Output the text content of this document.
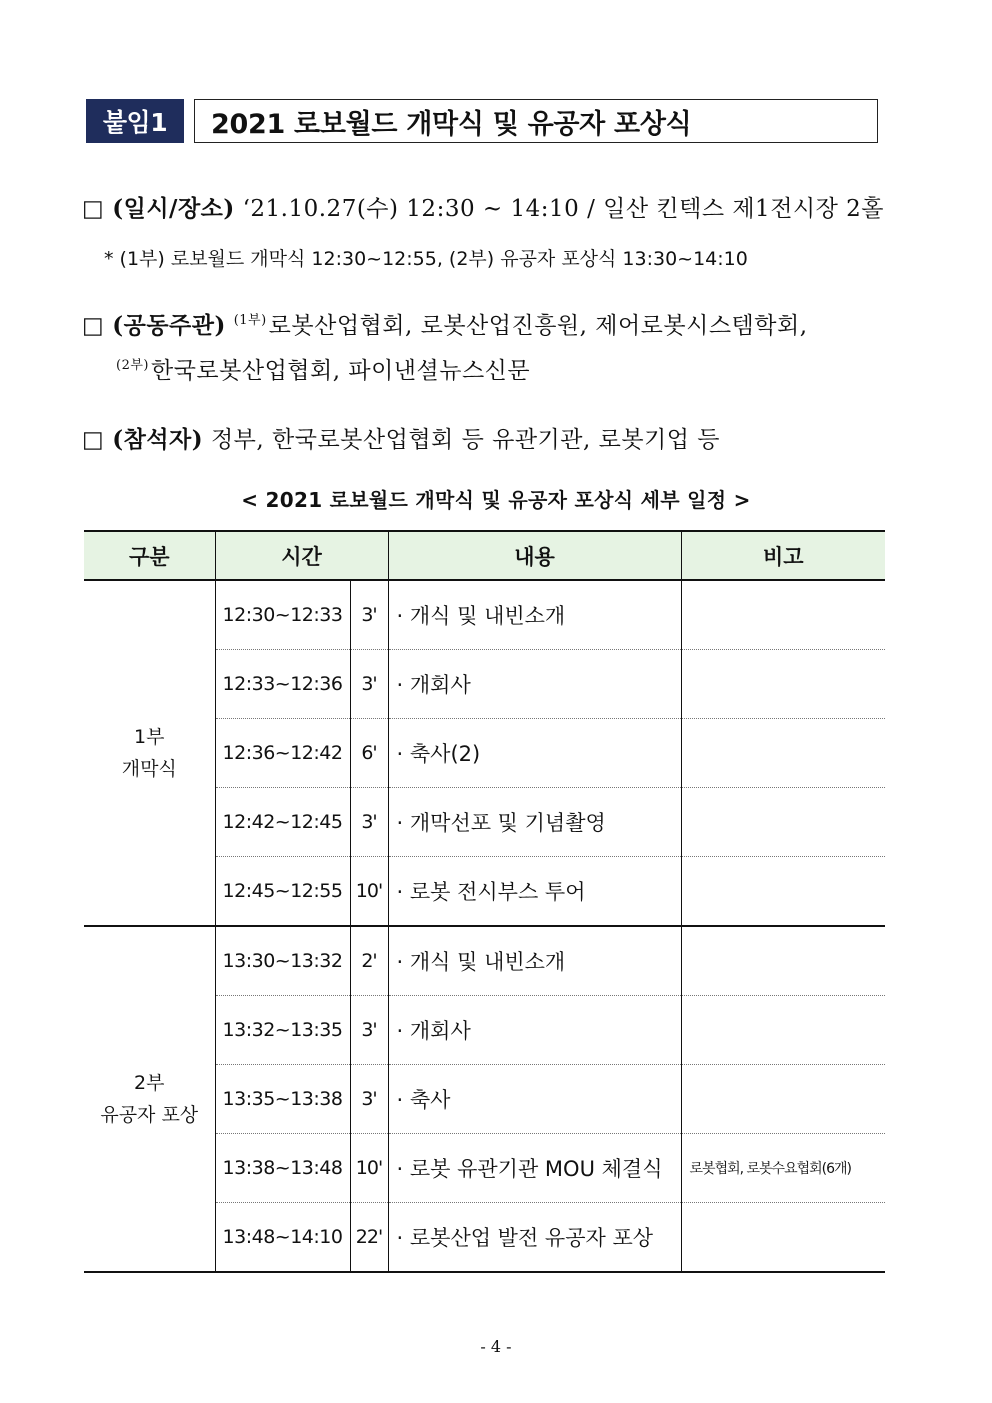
붙임1	2021 로보월드 개막식 및 유공자 포상식
□ (일시/장소) ‘21.10.27(수) 12:30 ~ 14:10 / 일산 킨텍스 제1전시장 2홀
* (1부) 로보월드 개막식 12:30~12:55, (2부) 유공자 포상식 13:30~14:10
□ (공동주관) $^{(1부)}$로봇산업협회, 로봇산업진흥원, 제어로봇시스템학회,
$^{(2부)}$한국로봇산업협회, 파이낸셜뉴스신문
□ (참석자) 정부, 한국로봇산업협회 등 유관기관, 로봇기업 등
< 2021 로보월드 개막식 및 유공자 포상식 세부 일정 >
구분	시간		내용	비고

1부
개막식	12:30~12:33	3'	· 개식 및 내빈소개	
	12:33~12:36	3'	· 개회사	
	12:36~12:42	6'	· 축사(2)	
	12:42~12:45	3'	· 개막선포 및 기념촬영	
	12:45~12:55	10'	· 로봇 전시부스 투어	

2부
유공자 포상	13:30~13:32	2'	· 개식 및 내빈소개	
	13:32~13:35	3'	· 개회사	
	13:35~13:38	3'	· 축사	
	13:38~13:48	10'	· 로봇 유관기관 MOU 체결식	로봇협회, 로봇수요협회(6개)
	13:48~14:10	22'	· 로봇산업 발전 유공자 포상	
- 4 -
